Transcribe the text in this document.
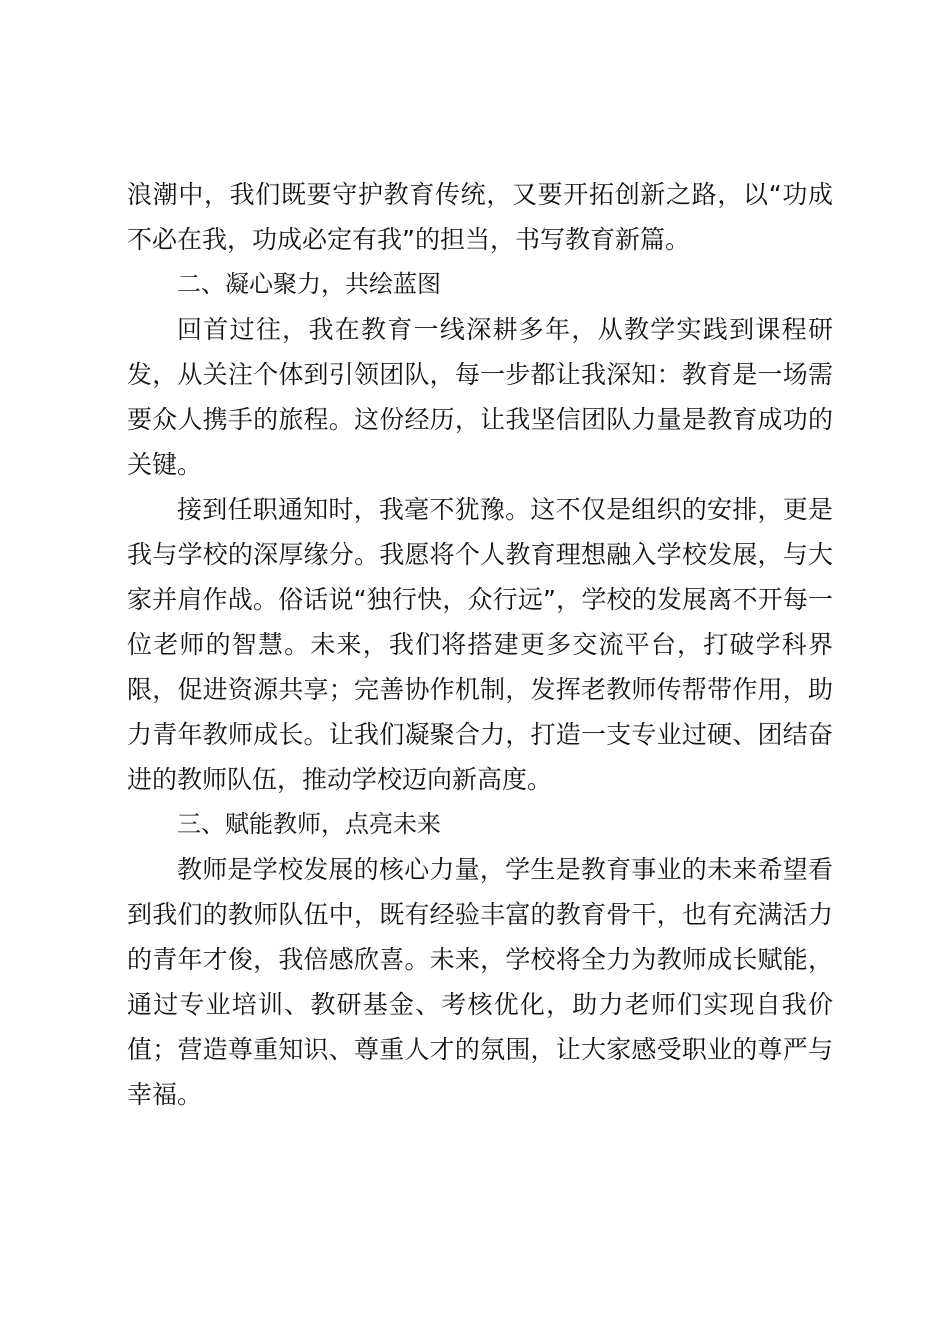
浪潮中，我们既要守护教育传统，又要开拓创新之路，以“功成不必在我，功成必定有我”的担当，书写教育新篇。

二、凝心聚力，共绘蓝图

回首过往，我在教育一线深耕多年，从教学实践到课程研发，从关注个体到引领团队，每一步都让我深知：教育是一场需要众人携手的旅程。这份经历，让我坚信团队力量是教育成功的关键。

接到任职通知时，我毫不犹豫。这不仅是组织的安排，更是我与学校的深厚缘分。我愿将个人教育理想融入学校发展，与大家并肩作战。俗话说“独行快，众行远”，学校的发展离不开每一位老师的智慧。未来，我们将搭建更多交流平台，打破学科界限，促进资源共享；完善协作机制，发挥老教师传帮带作用，助力青年教师成长。让我们凝聚合力，打造一支专业过硬、团结奋进的教师队伍，推动学校迈向新高度。

三、赋能教师，点亮未来

教师是学校发展的核心力量，学生是教育事业的未来希望看到我们的教师队伍中，既有经验丰富的教育骨干，也有充满活力的青年才俊，我倍感欣喜。未来，学校将全力为教师成长赋能，通过专业培训、教研基金、考核优化，助力老师们实现自我价值；营造尊重知识、尊重人才的氛围，让大家感受职业的尊严与幸福。
